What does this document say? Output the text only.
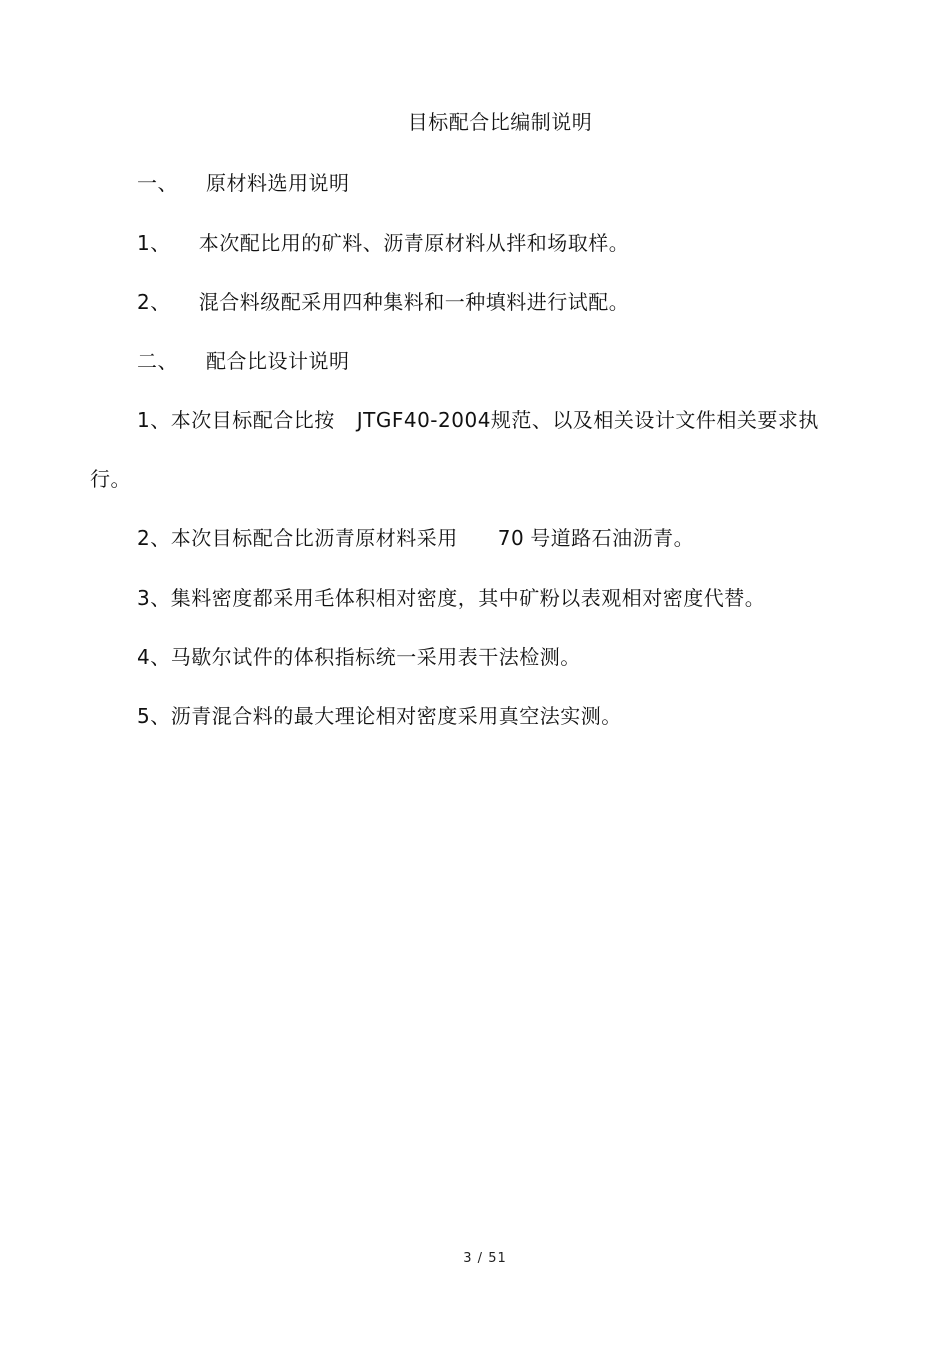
目标配合比编制说明
一、 原材料选用说明
1、 本次配比用的矿料、沥青原材料从拌和场取样。
2、 混合料级配采用四种集料和一种填料进行试配。
二、 配合比设计说明
1、本次目标配合比按 JTGF40-2004规范、以及相关设计文件相关要求执
行。
2、本次目标配合比沥青原材料采用 70 号道路石油沥青。
3、集料密度都采用毛体积相对密度，其中矿粉以表观相对密度代替。
4、马歇尔试件的体积指标统一采用表干法检测。
5、沥青混合料的最大理论相对密度采用真空法实测。
3 / 51
